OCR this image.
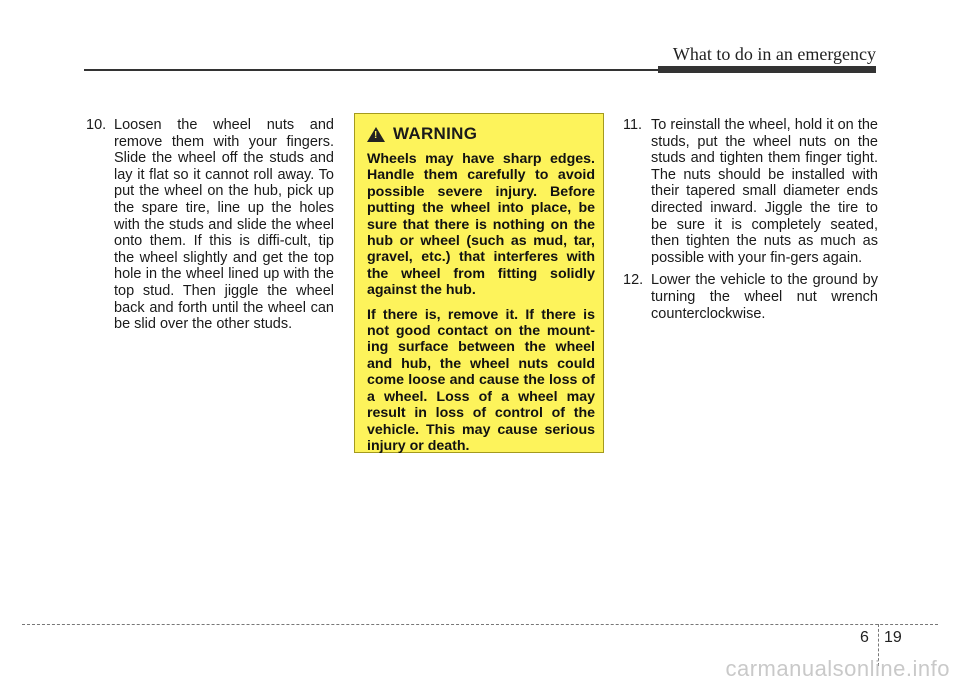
What to do in an emergency
10. Loosen the wheel nuts and remove them with your fingers. Slide the wheel off the studs and lay it flat so it cannot roll away. To put the wheel on the hub, pick up the spare tire, line up the holes with the studs and slide the wheel onto them. If this is diffi-cult, tip the wheel slightly and get the top hole in the wheel lined up with the top stud. Then jiggle the wheel back and forth until the wheel can be slid over the other studs.
! WARNING

Wheels may have sharp edges. Handle them carefully to avoid possible severe injury. Before putting the wheel into place, be sure that there is nothing on the hub or wheel (such as mud, tar, gravel, etc.) that interferes with the wheel from fitting solidly against the hub.

If there is, remove it. If there is not good contact on the mount-ing surface between the wheel and hub, the wheel nuts could come loose and cause the loss of a wheel. Loss of a wheel may result in loss of control of the vehicle. This may cause serious injury or death.

11. To reinstall the wheel, hold it on the studs, put the wheel nuts on the studs and tighten them finger tight. The nuts should be installed with their tapered small diameter ends directed inward. Jiggle the tire to be sure it is completely seated, then tighten the nuts as much as possible with your fin-gers again.
12. Lower the vehicle to the ground by turning the wheel nut wrench counterclockwise.
6 19
carmanualsonline.info
